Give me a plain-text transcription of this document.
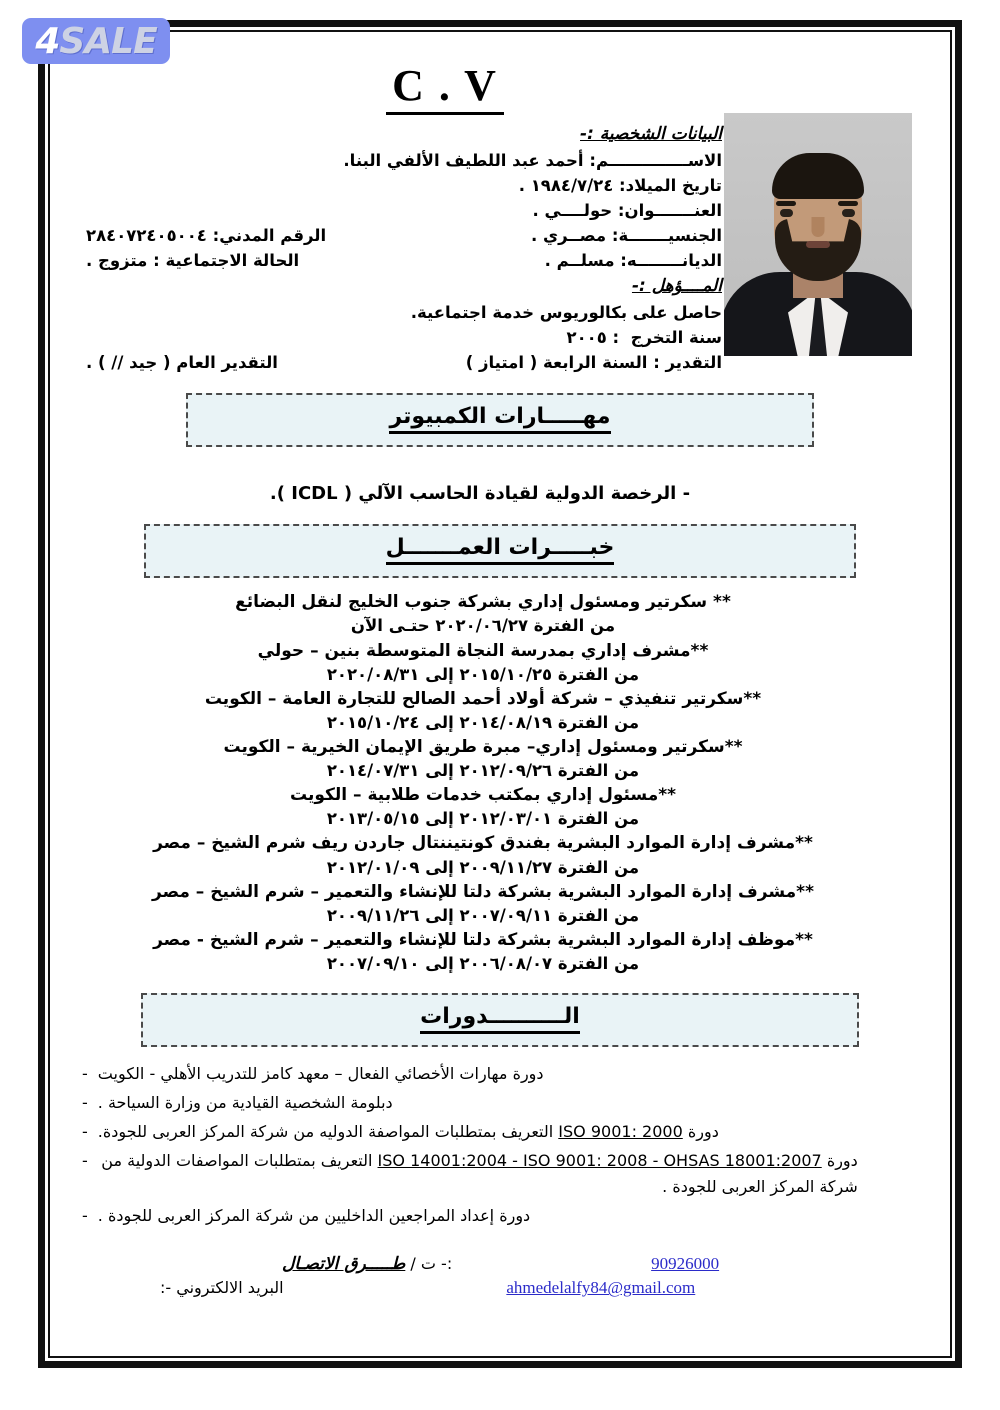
4SALE
C . V
البيانات الشخصية :-
الاســــــــــــــم
: أحمد عبد اللطيف الألفي البنا.
تاريخ الميلاد
: ١٩٨٤/٧/٢٤ .
العنـــــــوان
: حولــــي .
الجنسيـــــــة
: مصــري .
الرقم المدني: ٢٨٤٠٧٢٤٠٥٠٠٤
الديانــــــــه
: مسلــم .
الحالة الاجتماعية : متزوج .
المــــؤهل :-
حاصل على بكالوريوس خدمة اجتماعية.
سنة التخرج  : ٢٠٠٥
التقدير

: السنة الرابعة ( امتياز )
التقدير العام ( جيد // ) .
مهـــــارات الكمبيوتر
- الرخصة الدولية لقيادة الحاسب الآلي ( ICDL ).
خبـــــرات العمـــــــل
** سكرتير ومسئول إداري بشركة جنوب الخليج لنقل البضائع
من الفترة ٢٠٢٠/٠٦/٢٧ حتـى الآن
**مشرف إداري بمدرسة النجاة المتوسطة بنين – حولي
من الفترة ٢٠١٥/١٠/٢٥ إلى ٢٠٢٠/٠٨/٣١
**سكرتير تنفيذي – شركة أولاد أحمد الصالح للتجارة العامة – الكويت
من الفترة ٢٠١٤/٠٨/١٩ إلى ٢٠١٥/١٠/٢٤
**سكرتير ومسئول إداري– مبرة طريق الإيمان الخيرية – الكويت
من الفترة ٢٠١٢/٠٩/٢٦ إلى ٢٠١٤/٠٧/٣١
**مسئول إداري بمكتب خدمات طلابية – الكويت
من الفترة ٢٠١٢/٠٣/٠١ إلى ٢٠١٣/٠٥/١٥
**مشرف إدارة الموارد البشرية بفندق كونتيننتال جاردن ريف شرم الشيخ – مصر
من الفترة ٢٠٠٩/١١/٢٧ إلى ٢٠١٢/٠١/٠٩
**مشرف إدارة الموارد البشرية بشركة دلتا للإنشاء والتعمير – شرم الشيخ – مصر
من الفترة ٢٠٠٧/٠٩/١١ إلى ٢٠٠٩/١١/٢٦
**موظف إدارة الموارد البشرية بشركة دلتا للإنشاء والتعمير – شرم الشيخ - مصر
من الفترة ٢٠٠٦/٠٨/٠٧ إلى ٢٠٠٧/٠٩/١٠
الــــــــــدورات
دورة مهارات الأخصائي الفعال – معهد كامز للتدريب الأهلي - الكويت
-
دبلومة الشخصية القيادية من وزارة السياحة .
-
دورة ISO 9001: 2000 التعريف بمتطلبات المواصفة الدوليه من شركة المركز العربى للجودة.
-
دورة ISO 14001:2004 - ISO 9001: 2008 - OHSAS 18001:2007 التعريف بمتطلبات المواصفات الدولية من شركة المركز العربى للجودة .
-
دورة إعداد المراجعين الداخليين من شركة المركز العربى للجودة .
-
90926000
:- ت /

طـــــرق الاتصـال
ahmedelalfy84@gmail.com
البريد الالكتروني -:
